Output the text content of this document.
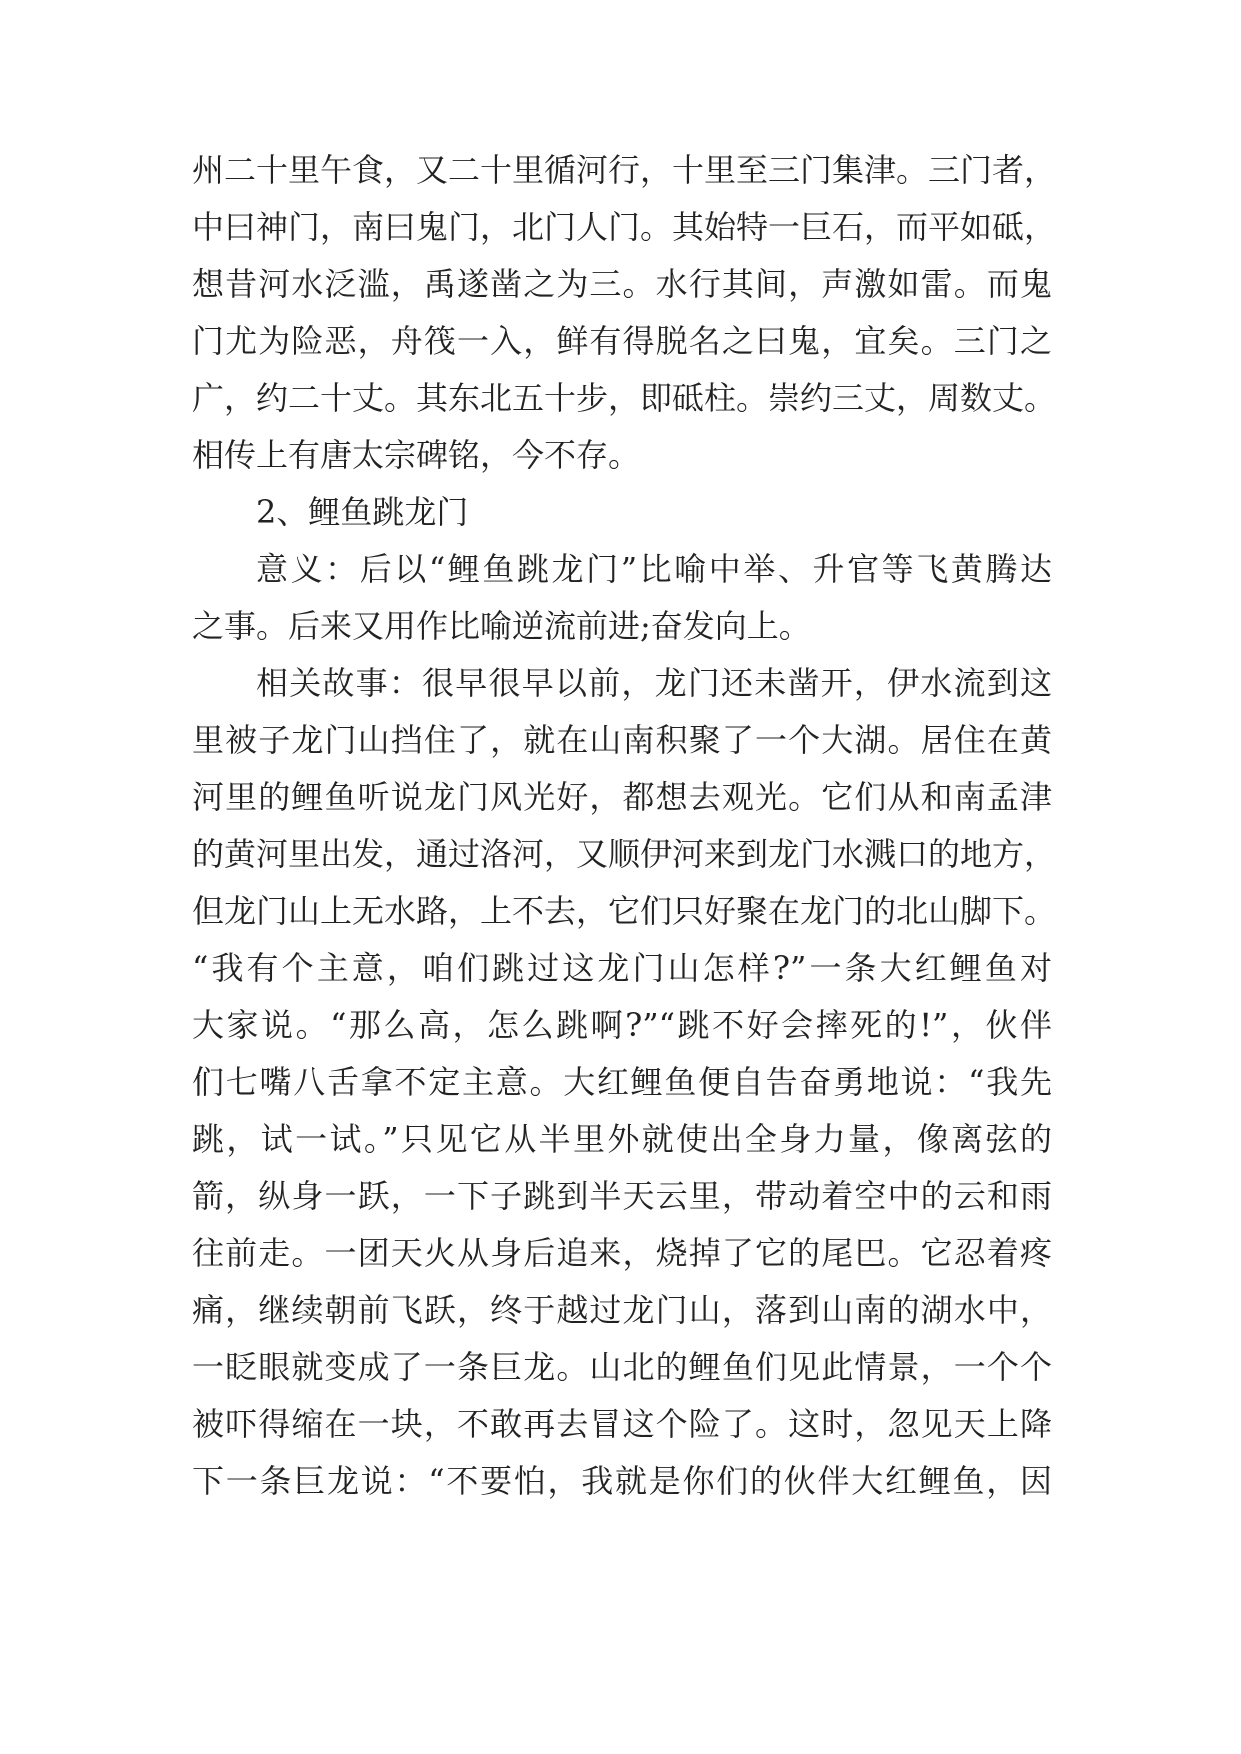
州二十里午食，又二十里循河行，十里至三门集津。三门者，
中曰神门，南曰鬼门，北门人门。其始特一巨石，而平如砥，
想昔河水泛滥，禹遂凿之为三。水行其间，声激如雷。而鬼
门尤为险恶，舟筏一入，鲜有得脱名之曰鬼，宜矣。三门之
广，约二十丈。其东北五十步，即砥柱。崇约三丈，周数丈。
相传上有唐太宗碑铭，今不存。
2、鲤鱼跳龙门
意义：后以“鲤鱼跳龙门”比喻中举、升官等飞黄腾达
之事。后来又用作比喻逆流前进;奋发向上。
相关故事：很早很早以前，龙门还未凿开，伊水流到这
里被子龙门山挡住了，就在山南积聚了一个大湖。居住在黄
河里的鲤鱼听说龙门风光好，都想去观光。它们从和南孟津
的黄河里出发，通过洛河，又顺伊河来到龙门水溅口的地方，
但龙门山上无水路，上不去，它们只好聚在龙门的北山脚下。
“我有个主意，咱们跳过这龙门山怎样?”一条大红鲤鱼对
大家说。“那么高，怎么跳啊?”“跳不好会摔死的!”，伙伴
们七嘴八舌拿不定主意。大红鲤鱼便自告奋勇地说：“我先
跳，试一试。”只见它从半里外就使出全身力量，像离弦的
箭，纵身一跃，一下子跳到半天云里，带动着空中的云和雨
往前走。一团天火从身后追来，烧掉了它的尾巴。它忍着疼
痛，继续朝前飞跃，终于越过龙门山，落到山南的湖水中，
一眨眼就变成了一条巨龙。山北的鲤鱼们见此情景，一个个
被吓得缩在一块，不敢再去冒这个险了。这时，忽见天上降
下一条巨龙说：“不要怕，我就是你们的伙伴大红鲤鱼，因
